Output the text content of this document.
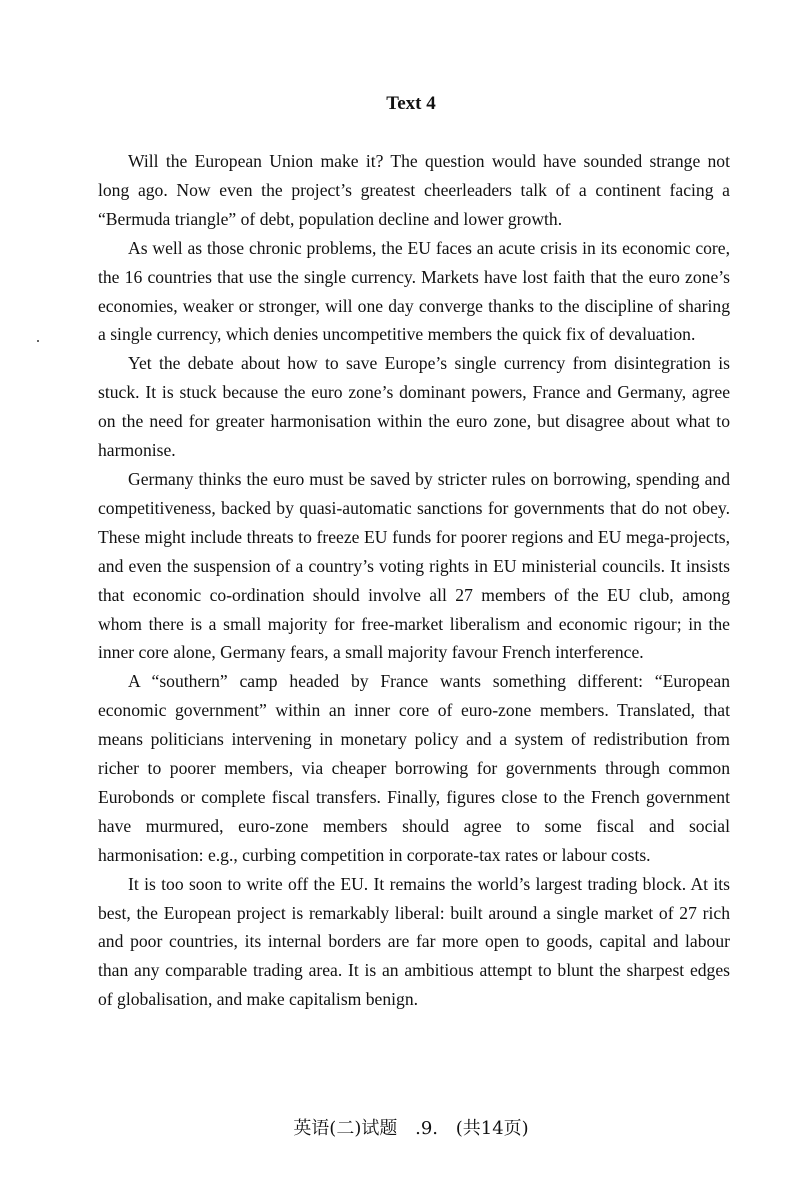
Text 4

Will the European Union make it? The question would have sounded strange not long ago. Now even the project’s greatest cheerleaders talk of a continent facing a “Bermuda triangle” of debt, population decline and lower growth.

As well as those chronic problems, the EU faces an acute crisis in its economic core, the 16 countries that use the single currency. Markets have lost faith that the euro zone’s economies, weaker or stronger, will one day converge thanks to the discipline of sharing a single currency, which denies uncompetitive members the quick fix of devaluation.

Yet the debate about how to save Europe’s single currency from disintegration is stuck. It is stuck because the euro zone’s dominant powers, France and Germany, agree on the need for greater harmonisation within the euro zone, but disagree about what to harmonise.

Germany thinks the euro must be saved by stricter rules on borrowing, spending and competitiveness, backed by quasi-automatic sanctions for governments that do not obey. These might include threats to freeze EU funds for poorer regions and EU mega-projects, and even the suspension of a country’s voting rights in EU ministerial councils. It insists that economic co-ordination should involve all 27 members of the EU club, among whom there is a small majority for free-market liberalism and economic rigour; in the inner core alone, Germany fears, a small majority favour French interference.

A “southern” camp headed by France wants something different: “European economic government” within an inner core of euro-zone members. Translated, that means politicians intervening in monetary policy and a system of redistribution from richer to poorer members, via cheaper borrowing for governments through common Eurobonds or complete fiscal transfers. Finally, figures close to the French government have murmured, euro-zone members should agree to some fiscal and social harmonisation: e.g., curbing competition in corporate-tax rates or labour costs.

It is too soon to write off the EU. It remains the world’s largest trading block. At its best, the European project is remarkably liberal: built around a single market of 27 rich and poor countries, its internal borders are far more open to goods, capital and labour than any comparable trading area. It is an ambitious attempt to blunt the sharpest edges of globalisation, and make capitalism benign.

英语(二)试题 .9. (共14页)
